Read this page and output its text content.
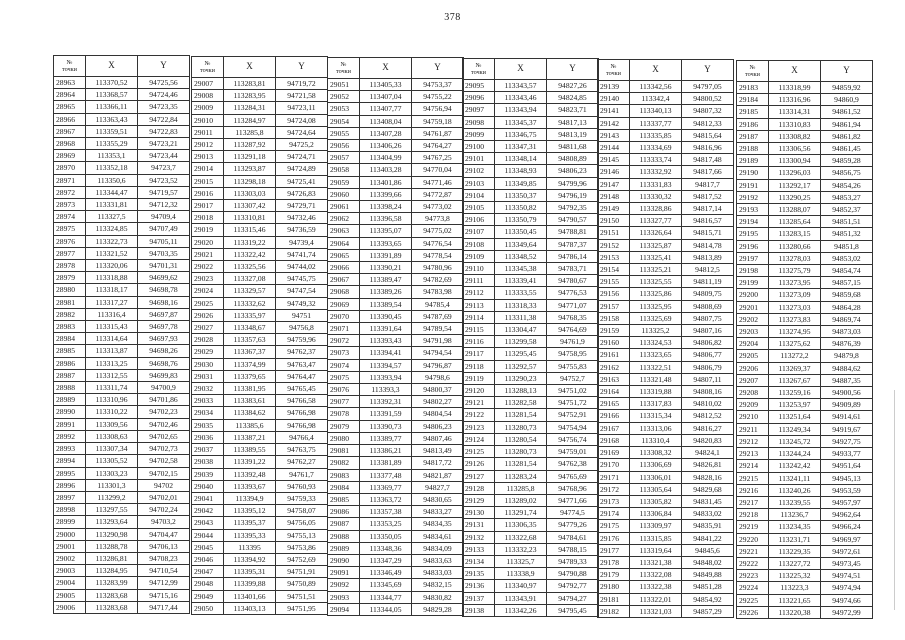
378
№
точки	X	Y
28963	113370,52	94725,56
28964	113368,57	94724,46
28965	113366,11	94723,35
28966	113363,43	94722,84
28967	113359,51	94722,83
28968	113355,29	94723,21
28969	113353,1	94723,44
28970	113352,18	94723,7
28971	113350,6	94723,52
28972	113344,47	94719,57
28973	113331,81	94712,32
28974	113327,5	94709,4
28975	113324,85	94707,49
28976	113322,73	94705,11
28977	113321,52	94703,35
28978	113320,06	94701,31
28979	113318,88	94699,62
28980	113318,17	94698,78
28981	113317,27	94698,16
28982	113316,4	94697,87
28983	113315,43	94697,78
28984	113314,64	94697,93
28985	113313,87	94698,26
28986	113313,25	94698,76
28987	113312,55	94699,83
28988	113311,74	94700,9
28989	113310,96	94701,86
28990	113310,22	94702,23
28991	113309,56	94702,46
28992	113308,63	94702,65
28993	113307,34	94702,73
28994	113305,52	94702,58
28995	113303,23	94702,15
28996	113301,3	94702
28997	113299,2	94702,01
28998	113297,55	94702,24
28999	113293,64	94703,2
29000	113290,98	94704,47
29001	113288,78	94706,13
29002	113286,81	94708,23
29003	113284,95	94710,54
29004	113283,99	94712,99
29005	113283,68	94715,16
29006	113283,68	94717,44
№
точки	X	Y
29007	113283,81	94719,72
29008	113283,95	94721,58
29009	113284,31	94723,11
29010	113284,97	94724,08
29011	113285,8	94724,64
29012	113287,92	94725,2
29013	113291,18	94724,71
29014	113293,87	94724,89
29015	113298,18	94725,41
29016	113303,03	94726,83
29017	113307,42	94729,71
29018	113310,81	94732,46
29019	113315,46	94736,59
29020	113319,22	94739,4
29021	113322,42	94741,74
29022	113325,56	94744,02
29023	113327,08	94745,75
29024	113329,57	94747,54
29025	113332,62	94749,32
29026	113335,97	94751
29027	113348,67	94756,8
29028	113357,63	94759,96
29029	113367,37	94762,37
29030	113374,99	94763,47
29031	113379,65	94764,47
29032	113381,95	94765,45
29033	113383,61	94766,58
29034	113384,62	94766,98
29035	113385,6	94766,98
29036	113387,21	94766,4
29037	113389,55	94763,75
29038	113391,22	94762,27
29039	113392,48	94761,7
29040	113393,67	94760,93
29041	113394,9	94759,33
29042	113395,12	94758,07
29043	113395,37	94756,05
29044	113395,33	94755,13
29045	113395	94753,86
29046	113394,92	94752,69
29047	113395,31	94751,91
29048	113399,88	94750,89
29049	113401,66	94751,51
29050	113403,13	94751,95
№
точки	X	Y
29051	113405,33	94753,37
29052	113407,04	94755,22
29053	113407,77	94756,94
29054	113408,04	94759,18
29055	113407,28	94761,87
29056	113406,26	94764,27
29057	113404,99	94767,25
29058	113403,28	94770,04
29059	113401,86	94771,46
29060	113399,66	94772,87
29061	113398,24	94773,02
29062	113396,58	94773,8
29063	113395,07	94775,02
29064	113393,65	94776,54
29065	113391,89	94778,54
29066	113390,21	94780,96
29067	113389,47	94782,69
29068	113389,26	94783,98
29069	113389,54	94785,4
29070	113390,45	94787,69
29071	113391,64	94789,54
29072	113393,43	94791,98
29073	113394,41	94794,54
29074	113394,57	94796,87
29075	113393,94	94798,6
29076	113393,3	94800,37
29077	113392,31	94802,27
29078	113391,59	94804,54
29079	113390,73	94806,23
29080	113389,77	94807,46
29081	113386,21	94813,49
29082	113381,89	94817,72
29083	113377,48	94821,87
29084	113369,77	94827,7
29085	113363,72	94830,65
29086	113357,38	94833,27
29087	113353,25	94834,35
29088	113350,05	94834,61
29089	113348,36	94834,09
29090	113347,29	94833,63
29091	113346,49	94833,03
29092	113345,69	94832,15
29093	113344,77	94830,82
29094	113344,05	94829,28
№
точки	X	Y
29095	113343,57	94827,26
29096	113343,46	94824,85
29097	113343,94	94823,71
29098	113345,37	94817,13
29099	113346,75	94813,19
29100	113347,31	94811,68
29101	113348,14	94808,89
29102	113348,93	94806,23
29103	113349,85	94799,96
29104	113350,37	94796,19
29105	113350,82	94792,35
29106	113350,79	94790,57
29107	113350,45	94788,81
29108	113349,64	94787,37
29109	113348,52	94786,14
29110	113345,38	94783,71
29111	113339,41	94780,67
29112	113333,55	94776,53
29113	113318,33	94771,07
29114	113311,38	94768,35
29115	113304,47	94764,69
29116	113299,58	94761,9
29117	113295,45	94758,95
29118	113292,57	94755,83
29119	113290,23	94752,7
29120	113288,13	94751,02
29121	113282,58	94751,72
29122	113281,54	94752,91
29123	113280,73	94754,94
29124	113280,54	94756,74
29125	113280,73	94759,01
29126	113281,54	94762,38
29127	113283,24	94765,69
29128	113285,8	94768,96
29129	113289,02	94771,66
29130	113291,74	94774,5
29131	113306,35	94779,26
29132	113322,68	94784,61
29133	113332,23	94788,15
29134	113325,7	94789,33
29135	113338,9	94790,88
29136	113340,97	94792,77
29137	113343,91	94794,27
29138	113342,26	94795,45
№
точки	X	Y
29139	113342,56	94797,05
29140	113342,4	94800,52
29141	113340,13	94807,32
29142	113337,77	94812,33
29143	113335,85	94815,64
29144	113334,69	94816,96
29145	113333,74	94817,48
29146	113332,92	94817,66
29147	113331,83	94817,7
29148	113330,32	94817,52
29149	113328,86	94817,14
29150	113327,77	94816,57
29151	113326,64	94815,71
29152	113325,87	94814,78
29153	113325,41	94813,89
29154	113325,21	94812,5
29155	113325,55	94811,19
29156	113325,86	94809,75
29157	113325,95	94808,69
29158	113325,69	94807,75
29159	113325,2	94807,16
29160	113324,53	94806,82
29161	113323,65	94806,77
29162	113322,51	94806,79
29163	113321,48	94807,11
29164	113319,88	94808,16
29165	113317,83	94810,02
29166	113315,34	94812,52
29167	113313,06	94816,27
29168	113310,4	94820,83
29169	113308,32	94824,1
29170	113306,69	94826,81
29171	113306,01	94828,16
29172	113305,64	94829,68
29173	113305,82	94831,45
29174	113306,84	94833,02
29175	113309,97	94835,91
29176	113315,85	94841,22
29177	113319,64	94845,6
29178	113321,38	94848,02
29179	113322,08	94849,88
29180	113322,38	94851,28
29181	113322,01	94854,92
29182	113321,03	94857,29
№
точки	X	Y
29183	113318,99	94859,92
29184	113316,96	94860,9
29185	113314,31	94861,52
29186	113310,83	94861,94
29187	113308,82	94861,82
29188	113306,56	94861,45
29189	113300,94	94859,28
29190	113296,03	94856,75
29191	113292,17	94854,26
29192	113290,25	94853,27
29193	113288,07	94852,37
29194	113285,64	94851,51
29195	113283,15	94851,32
29196	113280,66	94851,8
29197	113278,03	94853,02
29198	113275,79	94854,74
29199	113273,95	94857,15
29200	113273,09	94859,68
29201	113273,03	94864,28
29202	113273,83	94869,74
29203	113274,95	94873,03
29204	113275,62	94876,39
29205	113272,2	94879,8
29206	113269,37	94884,62
29207	113267,67	94887,35
29208	113259,16	94900,56
29209	113253,97	94909,89
29210	113251,64	94914,61
29211	113249,34	94919,67
29212	113245,72	94927,75
29213	113244,24	94933,77
29214	113242,42	94951,64
29215	113241,11	94945,13
29216	113240,26	94953,59
29217	113239,55	94957,97
29218	113236,7	94962,64
29219	113234,35	94966,24
29220	113231,71	94969,97
29221	113229,35	94972,61
29222	113227,72	94973,45
29223	113225,32	94974,51
29224	113223,3	94974,94
29225	113221,65	94974,66
29226	113220,38	94972,99
